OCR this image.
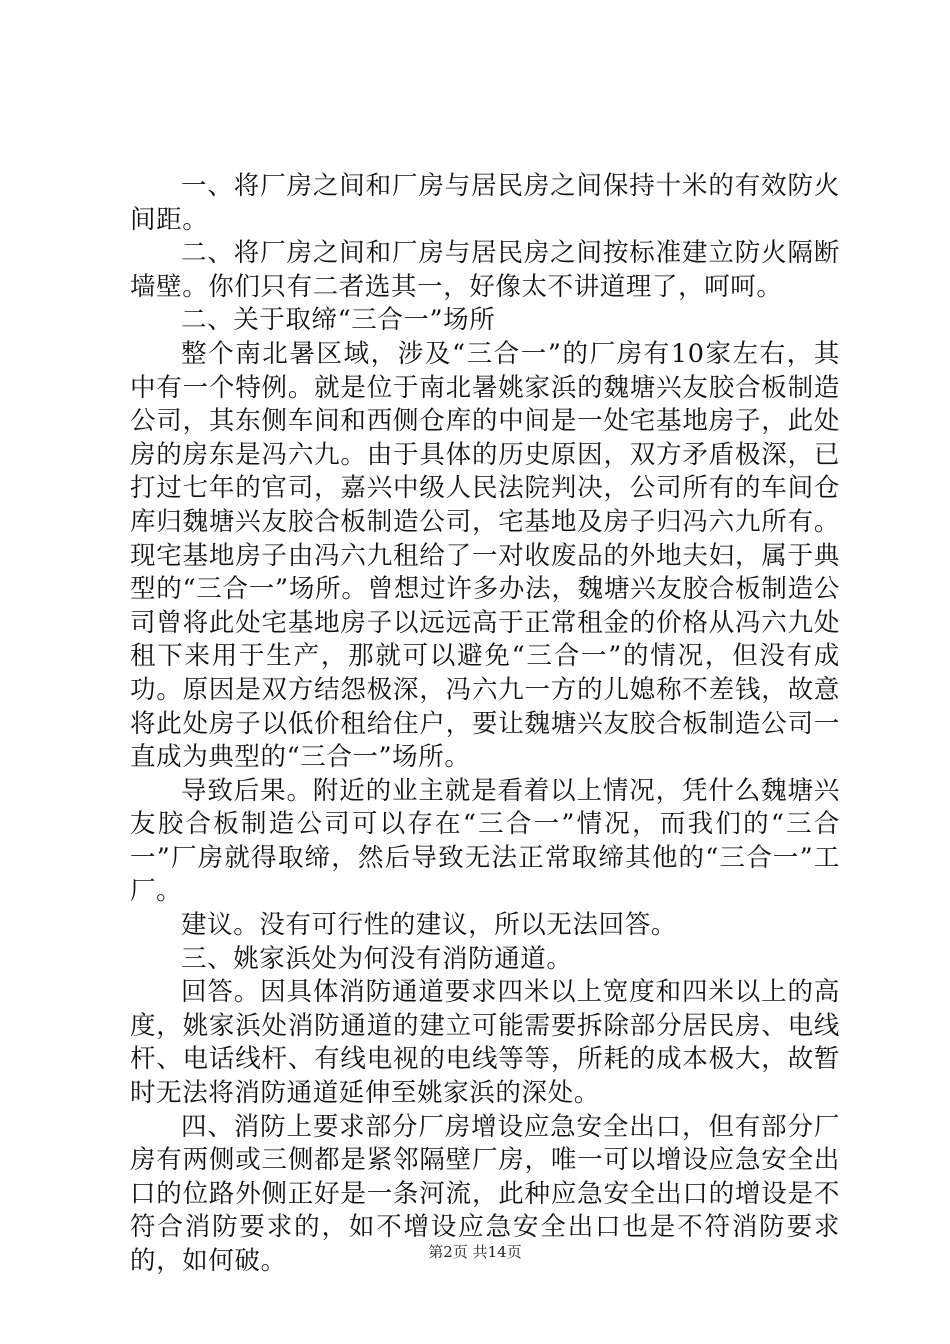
一、将厂房之间和厂房与居民房之间保持十米的有效防火间距。

二、将厂房之间和厂房与居民房之间按标准建立防火隔断墙壁。你们只有二者选其一，好像太不讲道理了，呵呵。

二、关于取缔“三合一”场所

整个南北暑区域，涉及“三合一”的厂房有10家左右，其中有一个特例。就是位于南北暑姚家浜的魏塘兴友胶合板制造公司，其东侧车间和西侧仓库的中间是一处宅基地房子，此处房的房东是冯六九。由于具体的历史原因，双方矛盾极深，已打过七年的官司，嘉兴中级人民法院判决，公司所有的车间仓库归魏塘兴友胶合板制造公司，宅基地及房子归冯六九所有。现宅基地房子由冯六九租给了一对收废品的外地夫妇，属于典型的“三合一”场所。曾想过许多办法，魏塘兴友胶合板制造公司曾将此处宅基地房子以远远高于正常租金的价格从冯六九处租下来用于生产，那就可以避免“三合一”的情况，但没有成功。原因是双方结怨极深，冯六九一方的儿媳称不差钱，故意将此处房子以低价租给住户，要让魏塘兴友胶合板制造公司一直成为典型的“三合一”场所。

导致后果。附近的业主就是看着以上情况，凭什么魏塘兴友胶合板制造公司可以存在“三合一”情况，而我们的“三合一”厂房就得取缔，然后导致无法正常取缔其他的“三合一”工厂。

建议。没有可行性的建议，所以无法回答。

三、姚家浜处为何没有消防通道。

回答。因具体消防通道要求四米以上宽度和四米以上的高度，姚家浜处消防通道的建立可能需要拆除部分居民房、电线杆、电话线杆、有线电视的电线等等，所耗的成本极大，故暂时无法将消防通道延伸至姚家浜的深处。

四、消防上要求部分厂房增设应急安全出口，但有部分厂房有两侧或三侧都是紧邻隔壁厂房，唯一可以增设应急安全出口的位路外侧正好是一条河流，此种应急安全出口的增设是不符合消防要求的，如不增设应急安全出口也是不符消防要求的，如何破。	第2页 共14页
